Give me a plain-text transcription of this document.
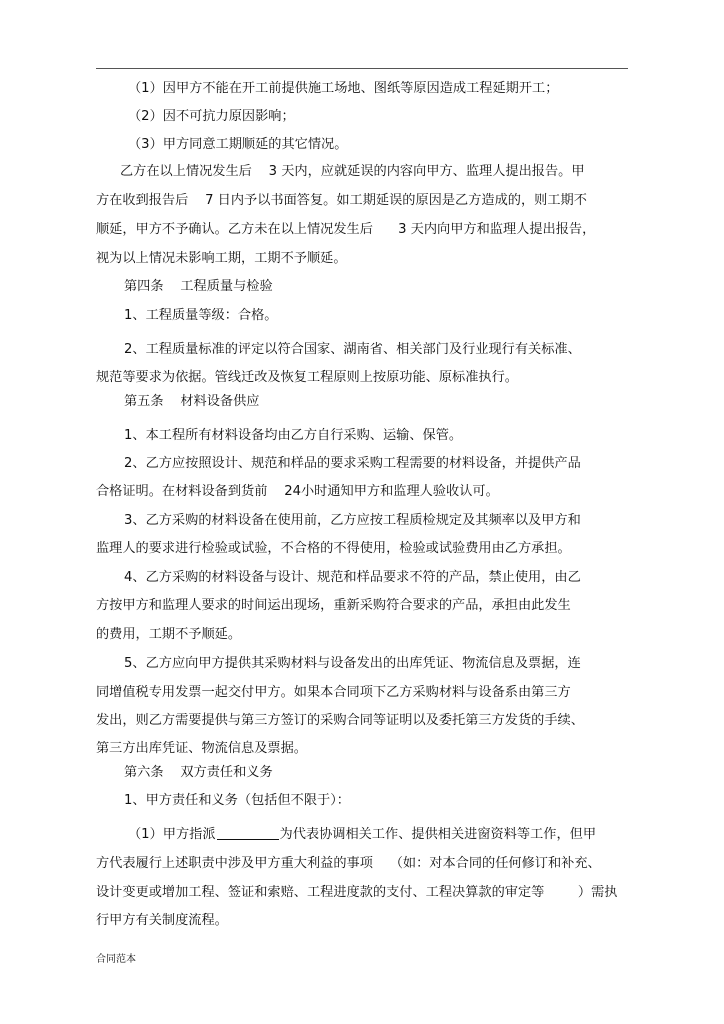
（1）因甲方不能在开工前提供施工场地、图纸等原因造成工程延期开工；
（2）因不可抗力原因影响；
（3）甲方同意工期顺延的其它情况。
乙方在以上情况发生后    3 天内，应就延误的内容向甲方、监理人提出报告。甲
方在收到报告后    7 日内予以书面答复。如工期延误的原因是乙方造成的，则工期不
顺延，甲方不予确认。乙方未在以上情况发生后      3 天内向甲方和监理人提出报告，
视为以上情况未影响工期，工期不予顺延。
第四条    工程质量与检验
1、工程质量等级：合格。
2、工程质量标准的评定以符合国家、湖南省、相关部门及行业现行有关标准、
规范等要求为依据。管线迁改及恢复工程原则上按原功能、原标准执行。
第五条    材料设备供应
1、本工程所有材料设备均由乙方自行采购、运输、保管。
2、乙方应按照设计、规范和样品的要求采购工程需要的材料设备，并提供产品
合格证明。在材料设备到货前    24小时通知甲方和监理人验收认可。
3、乙方采购的材料设备在使用前，乙方应按工程质检规定及其频率以及甲方和
监理人的要求进行检验或试验，不合格的不得使用，检验或试验费用由乙方承担。
4、乙方采购的材料设备与设计、规范和样品要求不符的产品，禁止使用，由乙
方按甲方和监理人要求的时间运出现场，重新采购符合要求的产品，承担由此发生
的费用，工期不予顺延。
5、乙方应向甲方提供其采购材料与设备发出的出库凭证、物流信息及票据，连
同增值税专用发票一起交付甲方。如果本合同项下乙方采购材料与设备系由第三方
发出，则乙方需要提供与第三方签订的采购合同等证明以及委托第三方发货的手续、
第三方出库凭证、物流信息及票据。
第六条    双方责任和义务
1、甲方责任和义务（包括但不限于）：
（1）甲方指派	为代表协调相关工作、提供相关进窗资料等工作，但甲
方代表履行上述职责中涉及甲方重大利益的事项    （如：对本合同的任何修订和补充、
设计变更或增加工程、签证和索赔、工程进度款的支付、工程决算款的审定等        ）需执
行甲方有关制度流程。
合同范本
